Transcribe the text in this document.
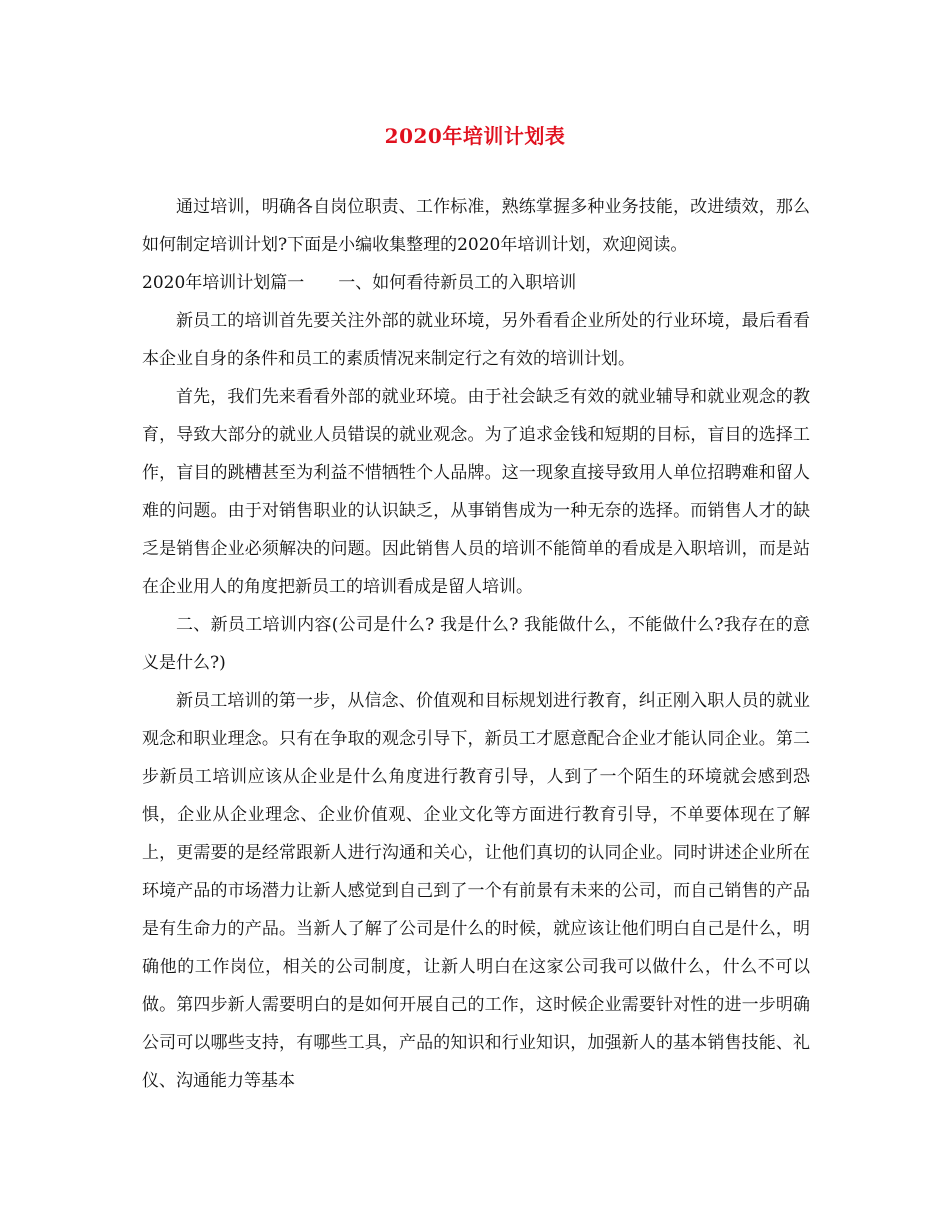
2020年培训计划表

通过培训，明确各自岗位职责、工作标准，熟练掌握多种业务技能，改进绩效，那么如何制定培训计划?下面是小编收集整理的2020年培训计划，欢迎阅读。

2020年培训计划篇一 一、如何看待新员工的入职培训

新员工的培训首先要关注外部的就业环境，另外看看企业所处的行业环境，最后看看本企业自身的条件和员工的素质情况来制定行之有效的培训计划。

首先，我们先来看看外部的就业环境。由于社会缺乏有效的就业辅导和就业观念的教育，导致大部分的就业人员错误的就业观念。为了追求金钱和短期的目标，盲目的选择工作，盲目的跳槽甚至为利益不惜牺牲个人品牌。这一现象直接导致用人单位招聘难和留人难的问题。由于对销售职业的认识缺乏，从事销售成为一种无奈的选择。而销售人才的缺乏是销售企业必须解决的问题。因此销售人员的培训不能简单的看成是入职培训，而是站在企业用人的角度把新员工的培训看成是留人培训。

二、新员工培训内容(公司是什么? 我是什么? 我能做什么，不能做什么?我存在的意义是什么?)

新员工培训的第一步，从信念、价值观和目标规划进行教育，纠正刚入职人员的就业观念和职业理念。只有在争取的观念引导下，新员工才愿意配合企业才能认同企业。第二步新员工培训应该从企业是什么角度进行教育引导，人到了一个陌生的环境就会感到恐惧，企业从企业理念、企业价值观、企业文化等方面进行教育引导，不单要体现在了解上，更需要的是经常跟新人进行沟通和关心，让他们真切的认同企业。同时讲述企业所在环境产品的市场潜力让新人感觉到自己到了一个有前景有未来的公司，而自己销售的产品是有生命力的产品。当新人了解了公司是什么的时候，就应该让他们明白自己是什么，明确他的工作岗位，相关的公司制度，让新人明白在这家公司我可以做什么，什么不可以做。第四步新人需要明白的是如何开展自己的工作，这时候企业需要针对性的进一步明确公司可以哪些支持，有哪些工具，产品的知识和行业知识，加强新人的基本销售技能、礼仪、沟通能力等基本
